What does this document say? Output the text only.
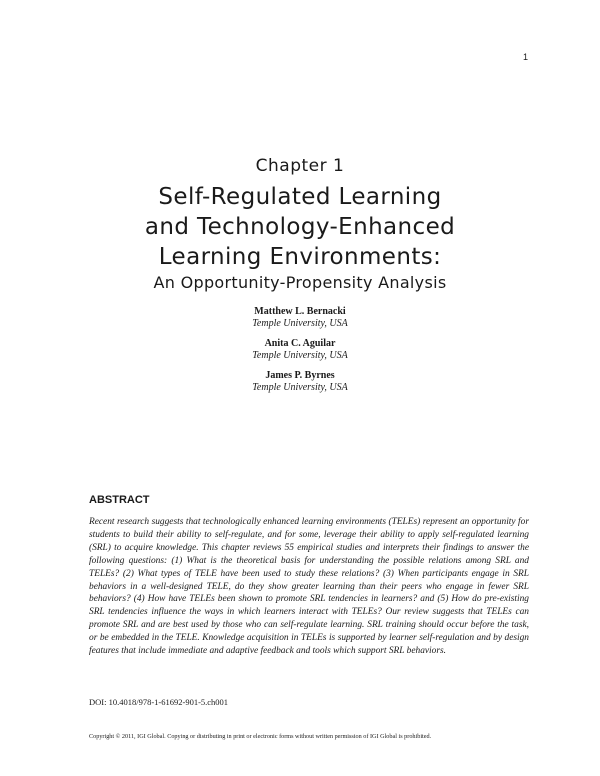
1
Chapter 1
Self-Regulated Learning
and Technology-Enhanced
Learning Environments:
An Opportunity-Propensity Analysis
Matthew L. Bernacki
Temple University, USA
Anita C. Aguilar
Temple University, USA
James P. Byrnes
Temple University, USA
ABSTRACT

Recent research suggests that technologically enhanced learning environments (TELEs) represent an opportunity for students to build their ability to self-regulate, and for some, leverage their ability to apply self-regulated learning (SRL) to acquire knowledge. This chapter reviews 55 empirical studies and interprets their findings to answer the following questions: (1) What is the theoretical basis for understanding the possible relations among SRL and TELEs? (2) What types of TELE have been used to study these relations? (3) When participants engage in SRL behaviors in a well-designed TELE, do they show greater learning than their peers who engage in fewer SRL behaviors? (4) How have TELEs been shown to promote SRL tendencies in learners? and (5) How do pre-existing SRL tendencies influence the ways in which learners interact with TELEs? Our review suggests that TELEs can promote SRL and are best used by those who can self-regulate learning. SRL training should occur before the task, or be embedded in the TELE. Knowledge acquisition in TELEs is supported by learner self-regulation and by design features that include immediate and adaptive feedback and tools which support SRL behaviors.

DOI: 10.4018/978-1-61692-901-5.ch001
Copyright © 2011, IGI Global. Copying or distributing in print or electronic forms without written permission of IGI Global is prohibited.
